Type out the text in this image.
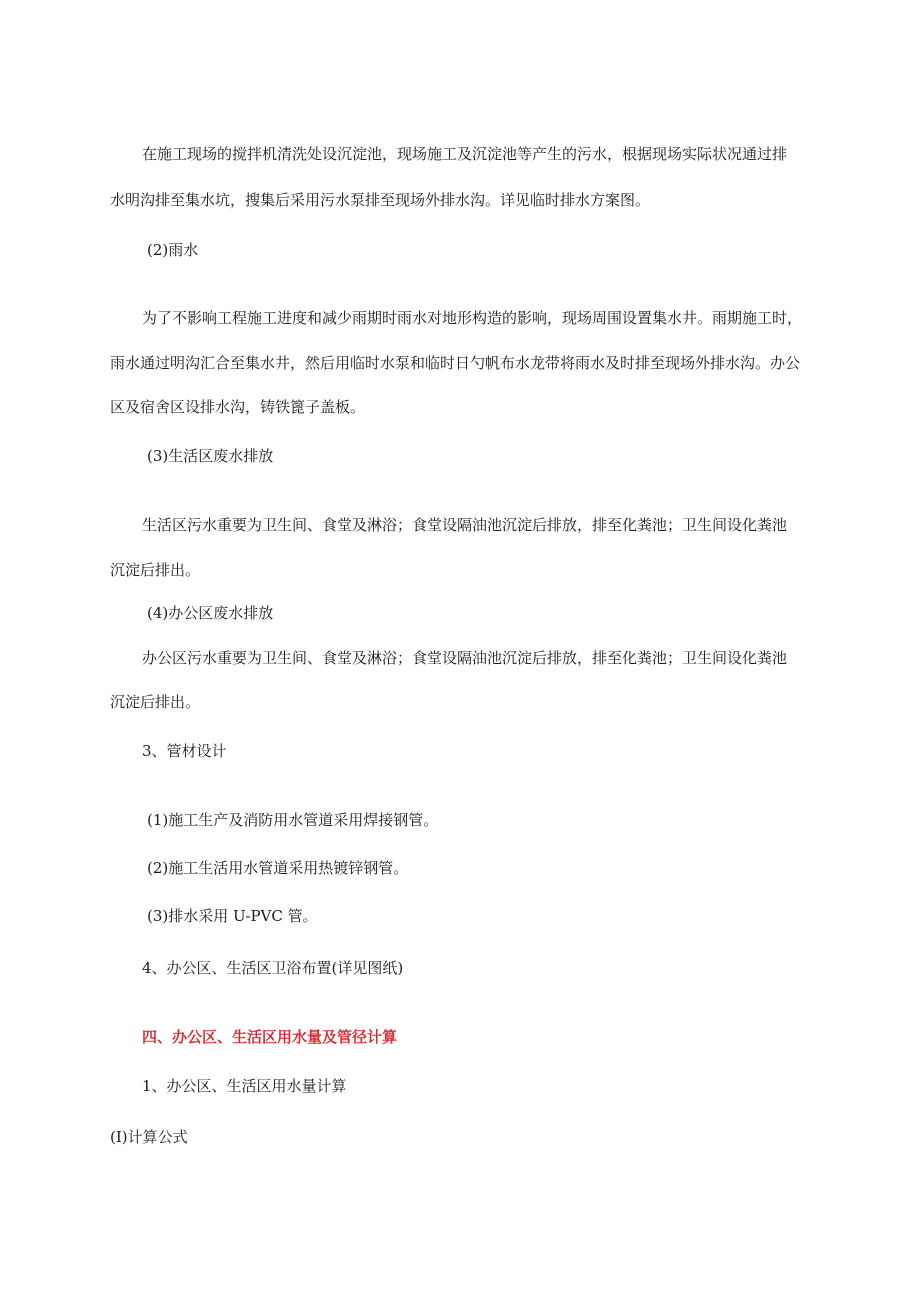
在施工现场的搅拌机清洗处设沉淀池，现场施工及沉淀池等产生的污水，根据现场实际状况通过排
水明沟排至集水坑，搜集后采用污水泵排至现场外排水沟。详见临时排水方案图。
(2)雨水
为了不影响工程施工进度和减少雨期时雨水对地形构造的影响，现场周围设置集水井。雨期施工时，
雨水通过明沟汇合至集水井，然后用临时水泵和临时日勺帆布水龙带将雨水及时排至现场外排水沟。办公
区及宿舍区设排水沟，铸铁篦子盖板。
(3)生活区废水排放
生活区污水重要为卫生间、食堂及淋浴；食堂设隔油池沉淀后排放，排至化粪池；卫生间设化粪池
沉淀后排出。
(4)办公区废水排放
办公区污水重要为卫生间、食堂及淋浴；食堂设隔油池沉淀后排放，排至化粪池；卫生间设化粪池
沉淀后排出。
3、管材设计
(1)施工生产及消防用水管道采用焊接钢管。
(2)施工生活用水管道采用热镀锌钢管。
(3)排水采用 U-PVC 管。
4、办公区、生活区卫浴布置(详见图纸)
四、办公区、生活区用水量及管径计算
1、办公区、生活区用水量计算
(I)计算公式
